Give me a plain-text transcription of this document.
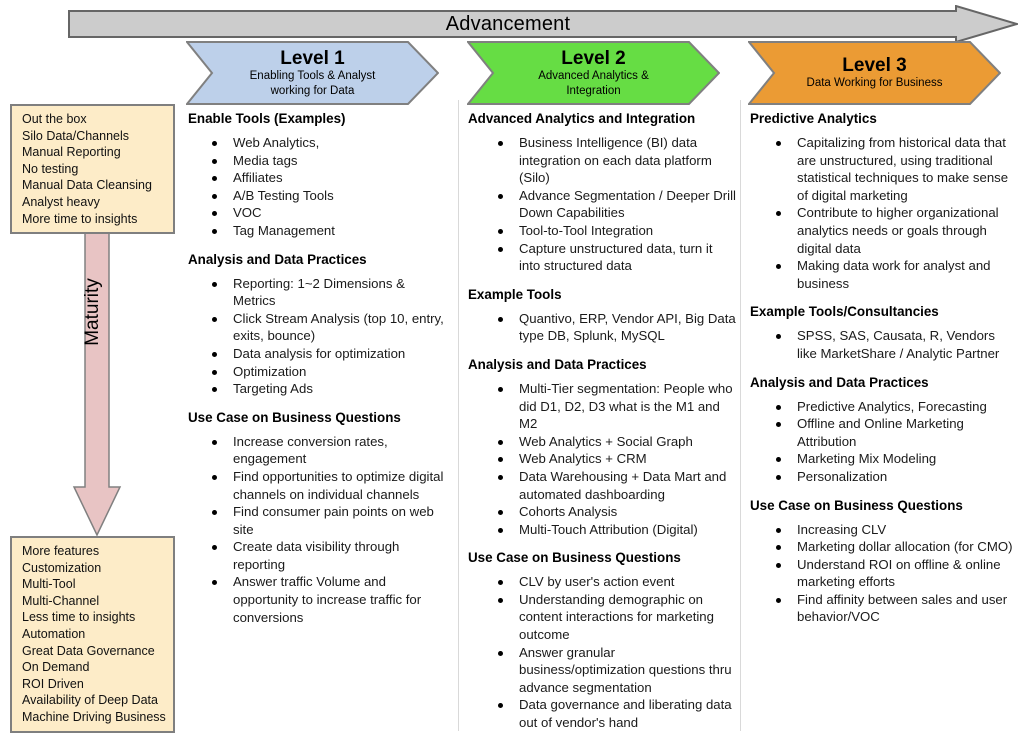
Advancement
Maturity
Out the box
Silo Data/Channels
Manual Reporting
No testing
Manual Data Cleansing
Analyst heavy
More time to insights
More features
Customization
Multi-Tool
Multi-Channel
Less time to insights
Automation
Great Data Governance
On Demand
ROI Driven
Availability of Deep Data
Machine Driving Business
Level 1
Enabling Tools & Analyst
working for Data
Level 2
Advanced Analytics &
Integration
Level 3
Data Working for Business
Enable Tools (Examples)
Web Analytics,
Media tags
Affiliates
A/B Testing Tools
VOC
Tag Management
Analysis and Data Practices
Reporting: 1~2 Dimensions & Metrics
Click Stream Analysis (top 10, entry, exits, bounce)
Data analysis for optimization
Optimization
Targeting Ads
Use Case on Business Questions
Increase conversion rates, engagement
Find opportunities to optimize digital channels on individual channels
Find consumer pain points on web site
Create data visibility through reporting
Answer traffic Volume and opportunity to increase traffic for conversions
Advanced Analytics and Integration
Business Intelligence (BI) data integration on each data platform (Silo)
Advance Segmentation / Deeper Drill Down Capabilities
Tool-to-Tool Integration
Capture unstructured data, turn it into structured data
Example Tools
Quantivo, ERP, Vendor API, Big Data type DB, Splunk, MySQL
Analysis and Data Practices
Multi-Tier segmentation: People who did D1, D2, D3 what is the M1 and M2
Web Analytics + Social Graph
Web Analytics + CRM
Data Warehousing + Data Mart and automated dashboarding
Cohorts Analysis
Multi-Touch Attribution (Digital)
Use Case on Business Questions
CLV by user's action event
Understanding demographic on content interactions for marketing outcome
Answer granular business/optimization questions thru advance segmentation
Data governance and liberating data out of vendor's hand
Predictive Analytics
Capitalizing from historical data that are unstructured, using traditional statistical techniques to make sense of digital marketing
Contribute to higher organizational analytics needs or goals through digital data
Making data work for analyst and business
Example Tools/Consultancies
SPSS, SAS, Causata, R, Vendors like MarketShare / Analytic Partner
Analysis and Data Practices
Predictive Analytics, Forecasting
Offline and Online Marketing Attribution
Marketing Mix Modeling
Personalization
Use Case on Business Questions
Increasing CLV
Marketing dollar allocation (for CMO)
Understand ROI on offline & online marketing efforts
Find affinity between sales and user behavior/VOC
